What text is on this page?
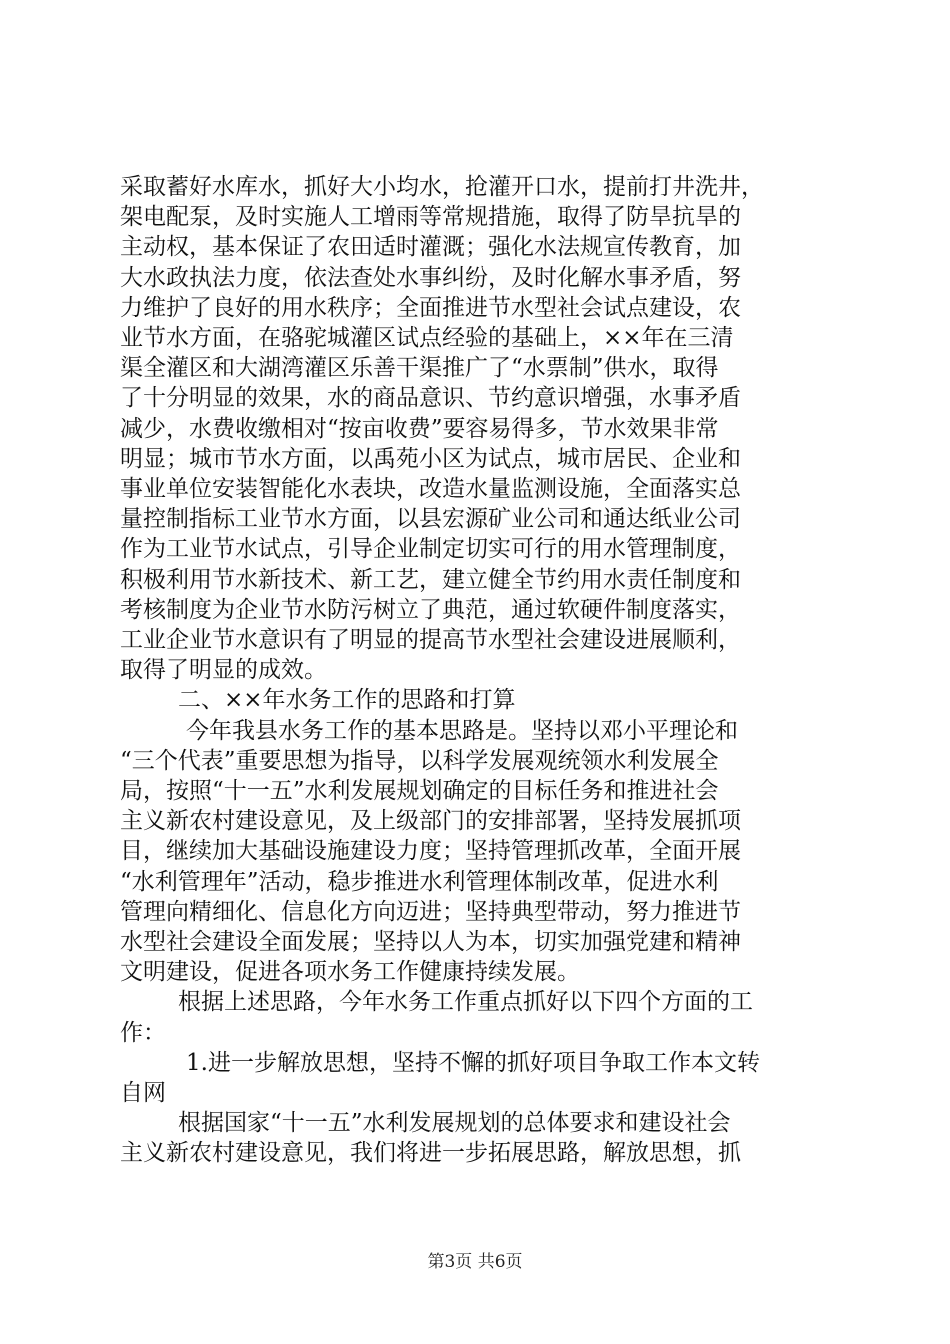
采取蓄好水库水，抓好大小均水，抢灌开口水，提前打井洗井，
架电配泵，及时实施人工增雨等常规措施，取得了防旱抗旱的
主动权，基本保证了农田适时灌溉；强化水法规宣传教育，加
大水政执法力度，依法查处水事纠纷，及时化解水事矛盾，努
力维护了良好的用水秩序；全面推进节水型社会试点建设，农
业节水方面，在骆驼城灌区试点经验的基础上，××年在三清
渠全灌区和大湖湾灌区乐善干渠推广了“水票制”供水，取得
了十分明显的效果，水的商品意识、节约意识增强，水事矛盾
减少，水费收缴相对“按亩收费”要容易得多，节水效果非常
明显；城市节水方面，以禹苑小区为试点，城市居民、企业和
事业单位安装智能化水表块，改造水量监测设施，全面落实总
量控制指标工业节水方面，以县宏源矿业公司和通达纸业公司
作为工业节水试点，引导企业制定切实可行的用水管理制度，
积极利用节水新技术、新工艺，建立健全节约用水责任制度和
考核制度为企业节水防污树立了典范，通过软硬件制度落实，
工业企业节水意识有了明显的提高节水型社会建设进展顺利，
取得了明显的成效。
二、××年水务工作的思路和打算
今年我县水务工作的基本思路是。坚持以邓小平理论和
“三个代表”重要思想为指导，以科学发展观统领水利发展全
局，按照“十一五”水利发展规划确定的目标任务和推进社会
主义新农村建设意见，及上级部门的安排部署，坚持发展抓项
目，继续加大基础设施建设力度；坚持管理抓改革，全面开展
“水利管理年”活动，稳步推进水利管理体制改革，促进水利
管理向精细化、信息化方向迈进；坚持典型带动，努力推进节
水型社会建设全面发展；坚持以人为本，切实加强党建和精神
文明建设，促进各项水务工作健康持续发展。
根据上述思路，今年水务工作重点抓好以下四个方面的工
作：
1.进一步解放思想，坚持不懈的抓好项目争取工作本文转
自网
根据国家“十一五”水利发展规划的总体要求和建设社会
主义新农村建设意见，我们将进一步拓展思路，解放思想，抓
第3页 共6页
